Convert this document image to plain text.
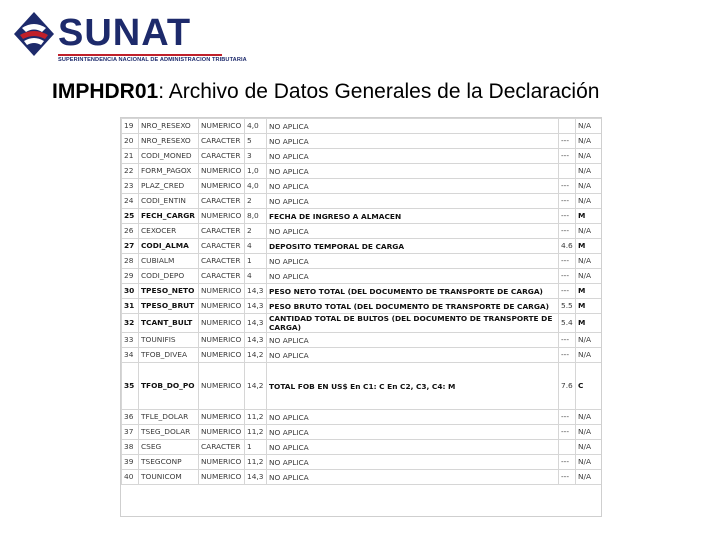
SUNAT
SUPERINTENDENCIA NACIONAL DE ADMINISTRACION TRIBUTARIA
IMPHDR01: Archivo de Datos Generales de la Declaración
19	NRO_RESEXO	NUMERICO	4,0	NO APLICA		N/A
20	NRO_RESEXO	CARACTER	5	NO APLICA	---	N/A
21	CODI_MONED	CARACTER	3	NO APLICA	---	N/A
22	FORM_PAGOX	NUMERICO	1,0	NO APLICA		N/A
23	PLAZ_CRED	NUMERICO	4,0	NO APLICA	---	N/A
24	CODI_ENTIN	CARACTER	2	NO APLICA	---	N/A
25	FECH_CARGR	NUMERICO	8,0	FECHA DE INGRESO A ALMACEN	---	M
26	CEXOCER	CARACTER	2	NO APLICA	---	N/A
27	CODI_ALMA	CARACTER	4	DEPOSITO TEMPORAL DE CARGA	4.6	M
28	CUBIALM	CARACTER	1	NO APLICA	---	N/A
29	CODI_DEPO	CARACTER	4	NO APLICA	---	N/A
30	TPESO_NETO	NUMERICO	14,3	PESO NETO TOTAL (DEL DOCUMENTO DE TRANSPORTE DE CARGA)	---	M
31	TPESO_BRUT	NUMERICO	14,3	PESO BRUTO TOTAL (DEL DOCUMENTO DE TRANSPORTE DE CARGA)	5.5	M
32	TCANT_BULT	NUMERICO	14,3	CANTIDAD TOTAL DE BULTOS (DEL DOCUMENTO DE TRANSPORTE DE CARGA)	5.4	M
33	TOUNIFIS	NUMERICO	14,3	NO APLICA	---	N/A
34	TFOB_DIVEA	NUMERICO	14,2	NO APLICA	---	N/A
35	TFOB_DO_PO	NUMERICO	14,2	TOTAL FOB EN US$ En C1: C En C2, C3, C4: M	7.6	C
36	TFLE_DOLAR	NUMERICO	11,2	NO APLICA	---	N/A
37	TSEG_DOLAR	NUMERICO	11,2	NO APLICA	---	N/A
38	CSEG	CARACTER	1	NO APLICA		N/A
39	TSEGCONP	NUMERICO	11,2	NO APLICA	---	N/A
40	TOUNICOM	NUMERICO	14,3	NO APLICA	---	N/A
